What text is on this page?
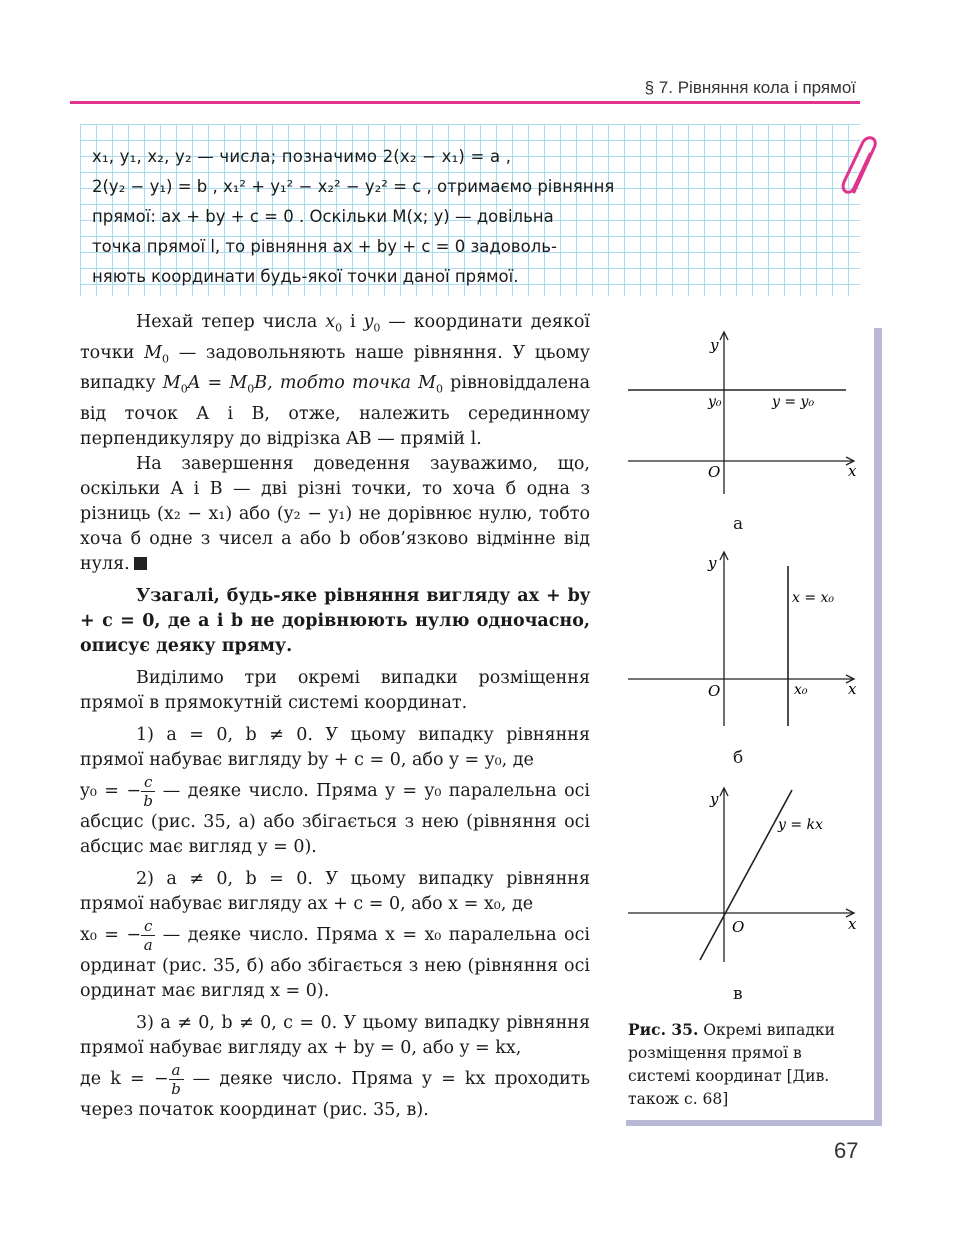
§ 7. Рівняння кола і прямої
x₁, y₁, x₂, y₂ — числа; позначимо 2(x₂ − x₁) = a ,
2(y₂ − y₁) = b , x₁² + y₁² − x₂² − y₂² = c , отримаємо рівняння
прямої: ax + by + c = 0 . Оскільки M(x; y) — довільна
точка прямої l, то рівняння ax + by + c = 0 задоволь-
няють координати будь-якої точки даної прямої.

Нехай тепер числа $x_0$ і $y_0$ — координати деякої точки $M_0$ — задовольняють наше рівняння. У цьому випадку $M_0A = M_0B$, тобто точка $M_0$ рівновіддалена від точок A і B, отже, належить серединному перпендикуляру до відрізка AB — прямій l.

На завершення доведення зауважимо, що, оскільки A і B — дві різні точки, то хоча б одна з різниць (x₂ − x₁) або (y₂ − y₁) не дорівнює нулю, тобто хоча б одне з чисел a або b обов’язково відмінне від нуля.

Узагалі, будь-яке рівняння вигляду ax + by + c = 0, де a і b не дорівнюють нулю одночасно, описує деяку пряму.

Виділимо три окремі випадки розміщення прямої в прямокутній системі координат.

1) a = 0, b ≠ 0. У цьому випадку рівняння прямої набуває вигляду by + c = 0, або y = y₀, де

y₀ = − $\frac{c}{b}$ — деяке число. Пряма y = y₀ паралельна осі абсцис (рис. 35, а) або збігається з нею (рівняння осі абсцис має вигляд y = 0).

2) a ≠ 0, b = 0. У цьому випадку рівняння прямої набуває вигляду ax + c = 0, або x = x₀, де

x₀ = − $\frac{c}{a}$ — деяке число. Пряма x = x₀ паралельна осі ординат (рис. 35, б) або збігається з нею (рівняння осі ординат має вигляд x = 0).

3) a ≠ 0, b ≠ 0, c = 0. У цьому випадку рівняння прямої набуває вигляду ax + by = 0, або y = kx,

де k = − $\frac{a}{b}$ — деяке число. Пряма y = kx проходить через початок координат (рис. 35, в).

y
x
O
y₀	y = y₀
а
y
x
O	x₀
x = x₀
б
y
x
O
y = kx
в
Рис. 35. Окремі випадки розміщення прямої в системі координат [Див. також с. 68]
67
